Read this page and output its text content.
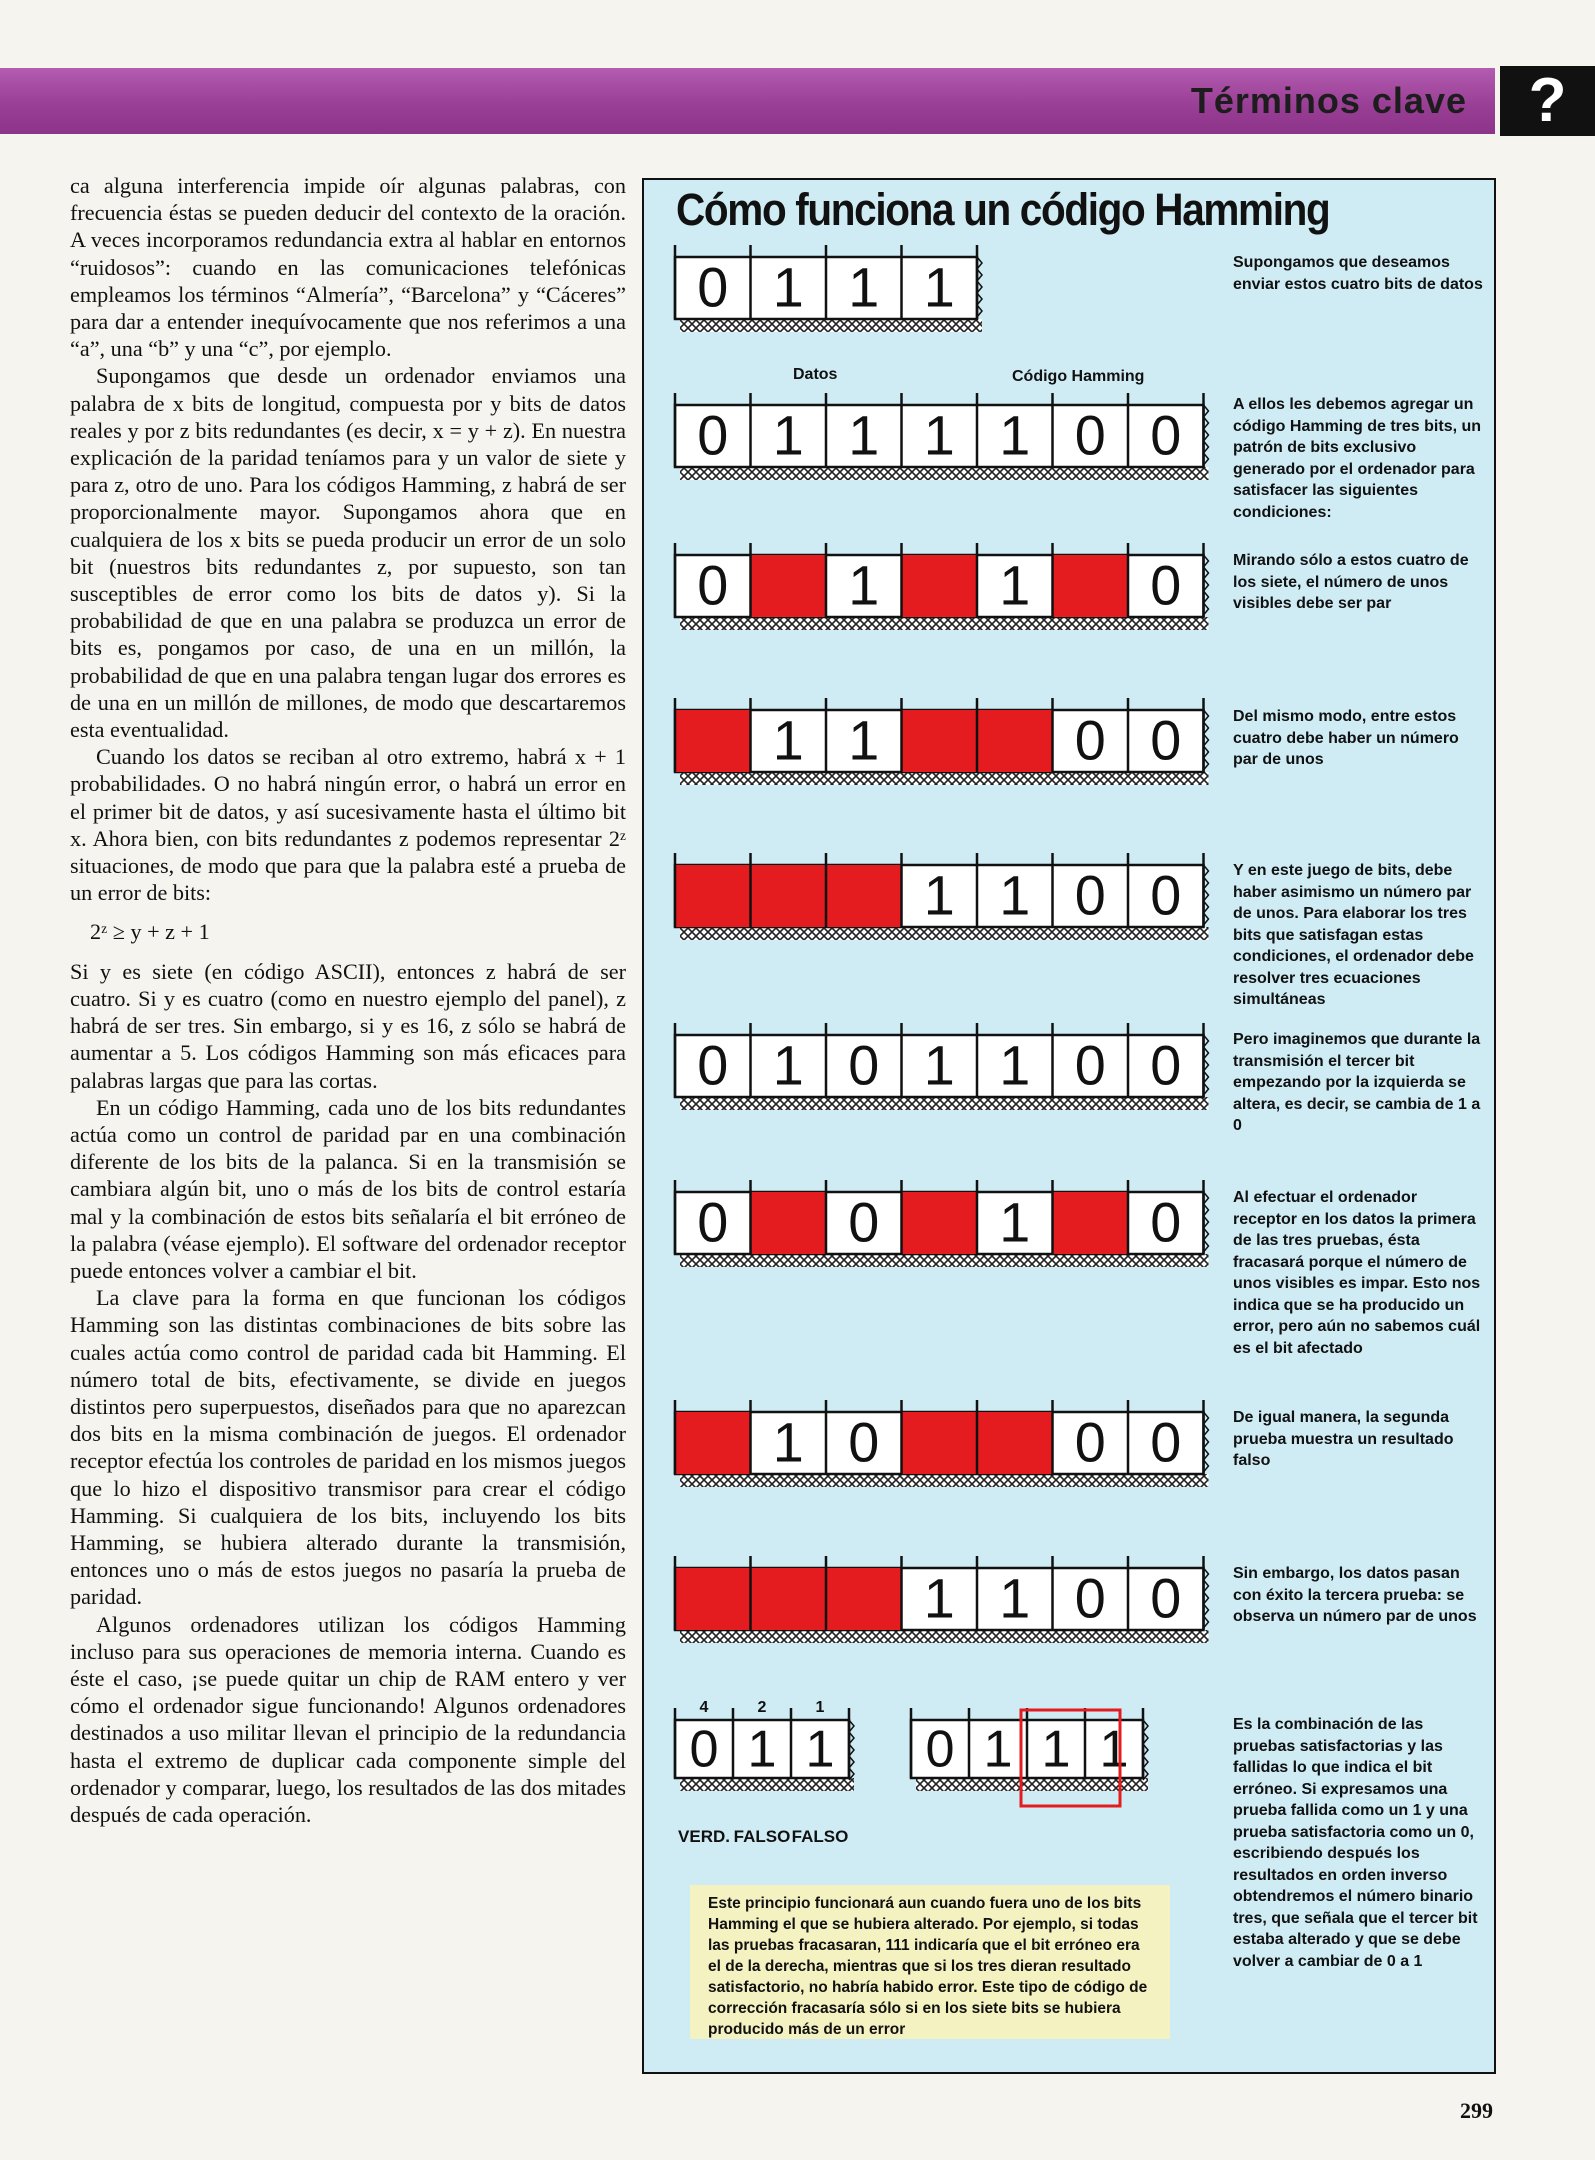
Términos clave ?

ca alguna interferencia impide oír algunas palabras, con frecuencia éstas se pueden deducir del contexto de la oración. A veces incorporamos redundancia extra al hablar en entornos “ruidosos”: cuando en las comunicaciones telefónicas empleamos los términos “Almería”, “Barcelona” y “Cáceres” para dar a entender inequívocamente que nos referimos a una “a”, una “b” y una “c”, por ejemplo.

Supongamos que desde un ordenador enviamos una palabra de x bits de longitud, compuesta por y bits de datos reales y por z bits redundantes (es decir, x = y + z). En nuestra explicación de la paridad teníamos para y un valor de siete y para z, otro de uno. Para los códigos Hamming, z habrá de ser proporcionalmente mayor. Supongamos ahora que en cualquiera de los x bits se pueda producir un error de un solo bit (nuestros bits redundantes z, por supuesto, son tan susceptibles de error como los bits de datos y). Si la probabilidad de que en una palabra se produzca un error de bits es, pongamos por caso, de una en un millón, la probabilidad de que en una palabra tengan lugar dos errores es de una en un millón de millones, de modo que descartaremos esta eventualidad.

Cuando los datos se reciban al otro extremo, habrá x + 1 probabilidades. O no habrá ningún error, o habrá un error en el primer bit de datos, y así sucesivamente hasta el último bit x. Ahora bien, con bits redundantes z podemos representar 2ᶻ situaciones, de modo que para que la palabra esté a prueba de un error de bits:

2ᶻ ≥ y + z + 1

Si y es siete (en código ASCII), entonces z habrá de ser cuatro. Si y es cuatro (como en nuestro ejemplo del panel), z habrá de ser tres. Sin embargo, si y es 16, z sólo se habrá de aumentar a 5. Los códigos Hamming son más eficaces para palabras largas que para las cortas.

En un código Hamming, cada uno de los bits redundantes actúa como un control de paridad par en una combinación diferente de los bits de la palanca. Si en la transmisión se cambiara algún bit, uno o más de los bits de control estaría mal y la combinación de estos bits señalaría el bit erróneo de la palabra (véase ejemplo). El software del ordenador receptor puede entonces volver a cambiar el bit.

La clave para la forma en que funcionan los códigos Hamming son las distintas combinaciones de bits sobre las cuales actúa como control de paridad cada bit Hamming. El número total de bits, efectivamente, se divide en juegos distintos pero superpuestos, diseñados para que no aparezcan dos bits en la misma combinación de juegos. El ordenador receptor efectúa los controles de paridad en los mismos juegos que lo hizo el dispositivo transmisor para crear el código Hamming. Si cualquiera de los bits, incluyendo los bits Hamming, se hubiera alterado durante la transmisión, entonces uno o más de estos juegos no pasaría la prueba de paridad.

Algunos ordenadores utilizan los códigos Hamming incluso para sus operaciones de memoria interna. Cuando es éste el caso, ¡se puede quitar un chip de RAM entero y ver cómo el ordenador sigue funcionando! Algunos ordenadores destinados a uso militar llevan el principio de la redundancia hasta el extremo de duplicar cada componente simple del ordenador y comparar, luego, los resultados de las dos mitades después de cada operación.

Cómo funciona un código Hamming
Datos	Código Hamming
0 1 1 1
0 1 1 1 1 0 0
0 1 1 0
1 1	0 0
1 1 0 0
0 1 0 1 1 0 0
0 0 1 0
1 0	0 0
1 1 0 0
0 1 1 0 1 1 1
4	2	1
VERD. FALSO FALSO
Supongamos que deseamos enviar estos cuatro bits de datos
A ellos les debemos agregar un código Hamming de tres bits, un patrón de bits exclusivo generado por el ordenador para satisfacer las siguientes condiciones:
Mirando sólo a estos cuatro de los siete, el número de unos visibles debe ser par
Del mismo modo, entre estos cuatro debe haber un número par de unos
Y en este juego de bits, debe haber asimismo un número par de unos. Para elaborar los tres bits que satisfagan estas condiciones, el ordenador debe resolver tres ecuaciones simultáneas
Pero imaginemos que durante la transmisión el tercer bit empezando por la izquierda se altera, es decir, se cambia de 1 a 0
Al efectuar el ordenador receptor en los datos la primera de las tres pruebas, ésta fracasará porque el número de unos visibles es impar. Esto nos indica que se ha producido un error, pero aún no sabemos cuál es el bit afectado
De igual manera, la segunda prueba muestra un resultado falso
Sin embargo, los datos pasan con éxito la tercera prueba: se observa un número par de unos
Es la combinación de las pruebas satisfactorias y las fallidas lo que indica el bit erróneo. Si expresamos una prueba fallida como un 1 y una prueba satisfactoria como un 0, escribiendo después los resultados en orden inverso obtendremos el número binario tres, que señala que el tercer bit estaba alterado y que se debe volver a cambiar de 0 a 1
Este principio funcionará aun cuando fuera uno de los bits Hamming el que se hubiera alterado. Por ejemplo, si todas las pruebas fracasaran, 111 indicaría que el bit erróneo era el de la derecha, mientras que si los tres dieran resultado satisfactorio, no habría habido error. Este tipo de código de corrección fracasaría sólo si en los siete bits se hubiera producido más de un error
299
